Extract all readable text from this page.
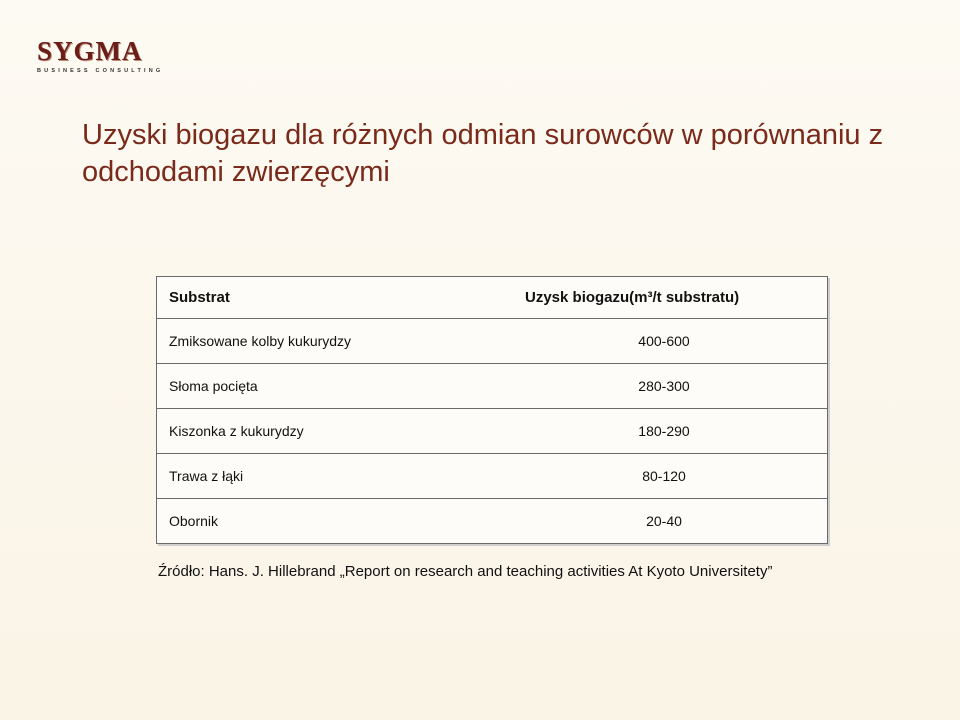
SYGMA
BUSINESS CONSULTING
Uzyski biogazu dla różnych odmian surowców w porównaniu z odchodami zwierzęcymi
Substrat	Uzysk biogazu(m³/t substratu)
Zmiksowane kolby kukurydzy	400-600
Słoma pocięta	280-300
Kiszonka z kukurydzy	180-290
Trawa z łąki	80-120
Obornik	20-40
Źródło: Hans. J. Hillebrand „Report on research and teaching activities At Kyoto Universitety”
